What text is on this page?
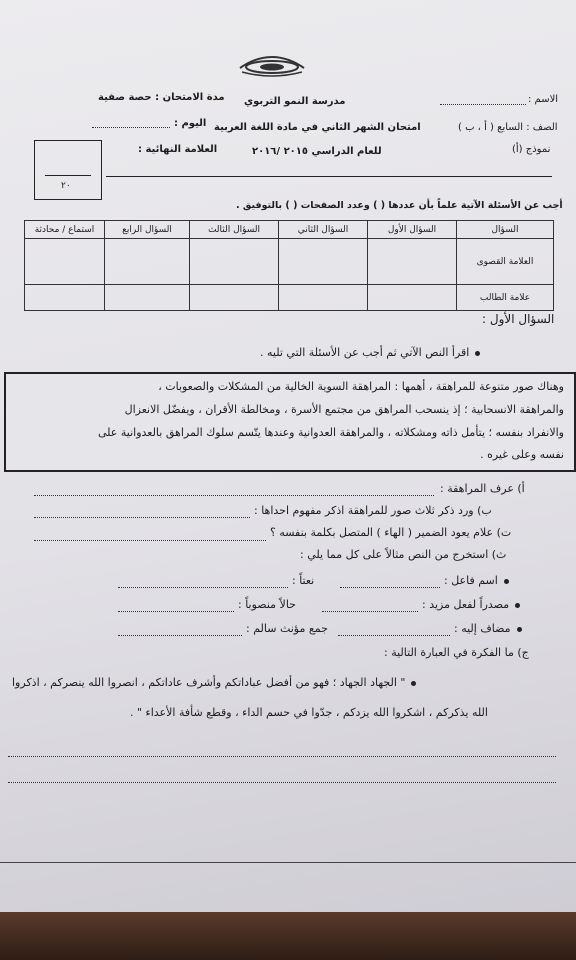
الاسم :
الصف : السابع ( أ ، ب )
نموذج (أ)
مدرسة النمو التربوي
امتحان الشهر الثاني في مادة اللغة العربية
للعام الدراسي ٢٠١٥ /٢٠١٦
مدة الامتحان : حصة صفية
اليوم :
العلامة النهائية :
٢٠
أجب عن الأسئلة الآتية علماً بأن عددها ( ) وعدد الصفحات ( ) بالتوفيق .
السؤال	السؤال الأول	السؤال الثاني	السؤال الثالث	السؤال الرابع	استماع / محادثة
العلامة القصوى					
علامة الطالب					
السؤال الأول :
اقرأ النص الآتي ثم أجب عن الأسئلة التي تليه .
وهناك صور متنوعة للمراهقة ، أهمها : المراهقة السوية الخالية من المشكلات والصعوبات ،
والمراهقة الانسحابية ؛ إذ ينسحب المراهق من مجتمع الأسرة ، ومخالطة الأقران ، ويفضّل الانعزال
والانفراد بنفسه ؛ يتأمل ذاته ومشكلاته ، والمراهقة العدوانية وعندها يتّسم سلوك المراهق بالعدوانية على
نفسه وعلى غيره .
أ) عرف المراهقة :
ب) ورد ذكر ثلاث صور للمراهقة اذكر مفهوم احداها :
ت) علام يعود الضمير ( الهاء ) المتصل بكلمة بنفسه ؟
ث) استخرج من النص مثالاً على كل مما يلي :
اسم فاعل :
نعتاً :
مصدراً لفعل مزيد :
حالاً منصوباً :
مضاف إليه :
جمع مؤنث سالم :
ج) ما الفكرة في العبارة التالية :
" الجهاد الجهاد ؛ فهو من أفضل عباداتكم وأشرف عاداتكم ، انصروا الله ينصركم ، اذكروا
الله يذكركم ، اشكروا الله يزدكم ، جدّوا في حسم الداء ، وقطع شأفة الأعداء " .
